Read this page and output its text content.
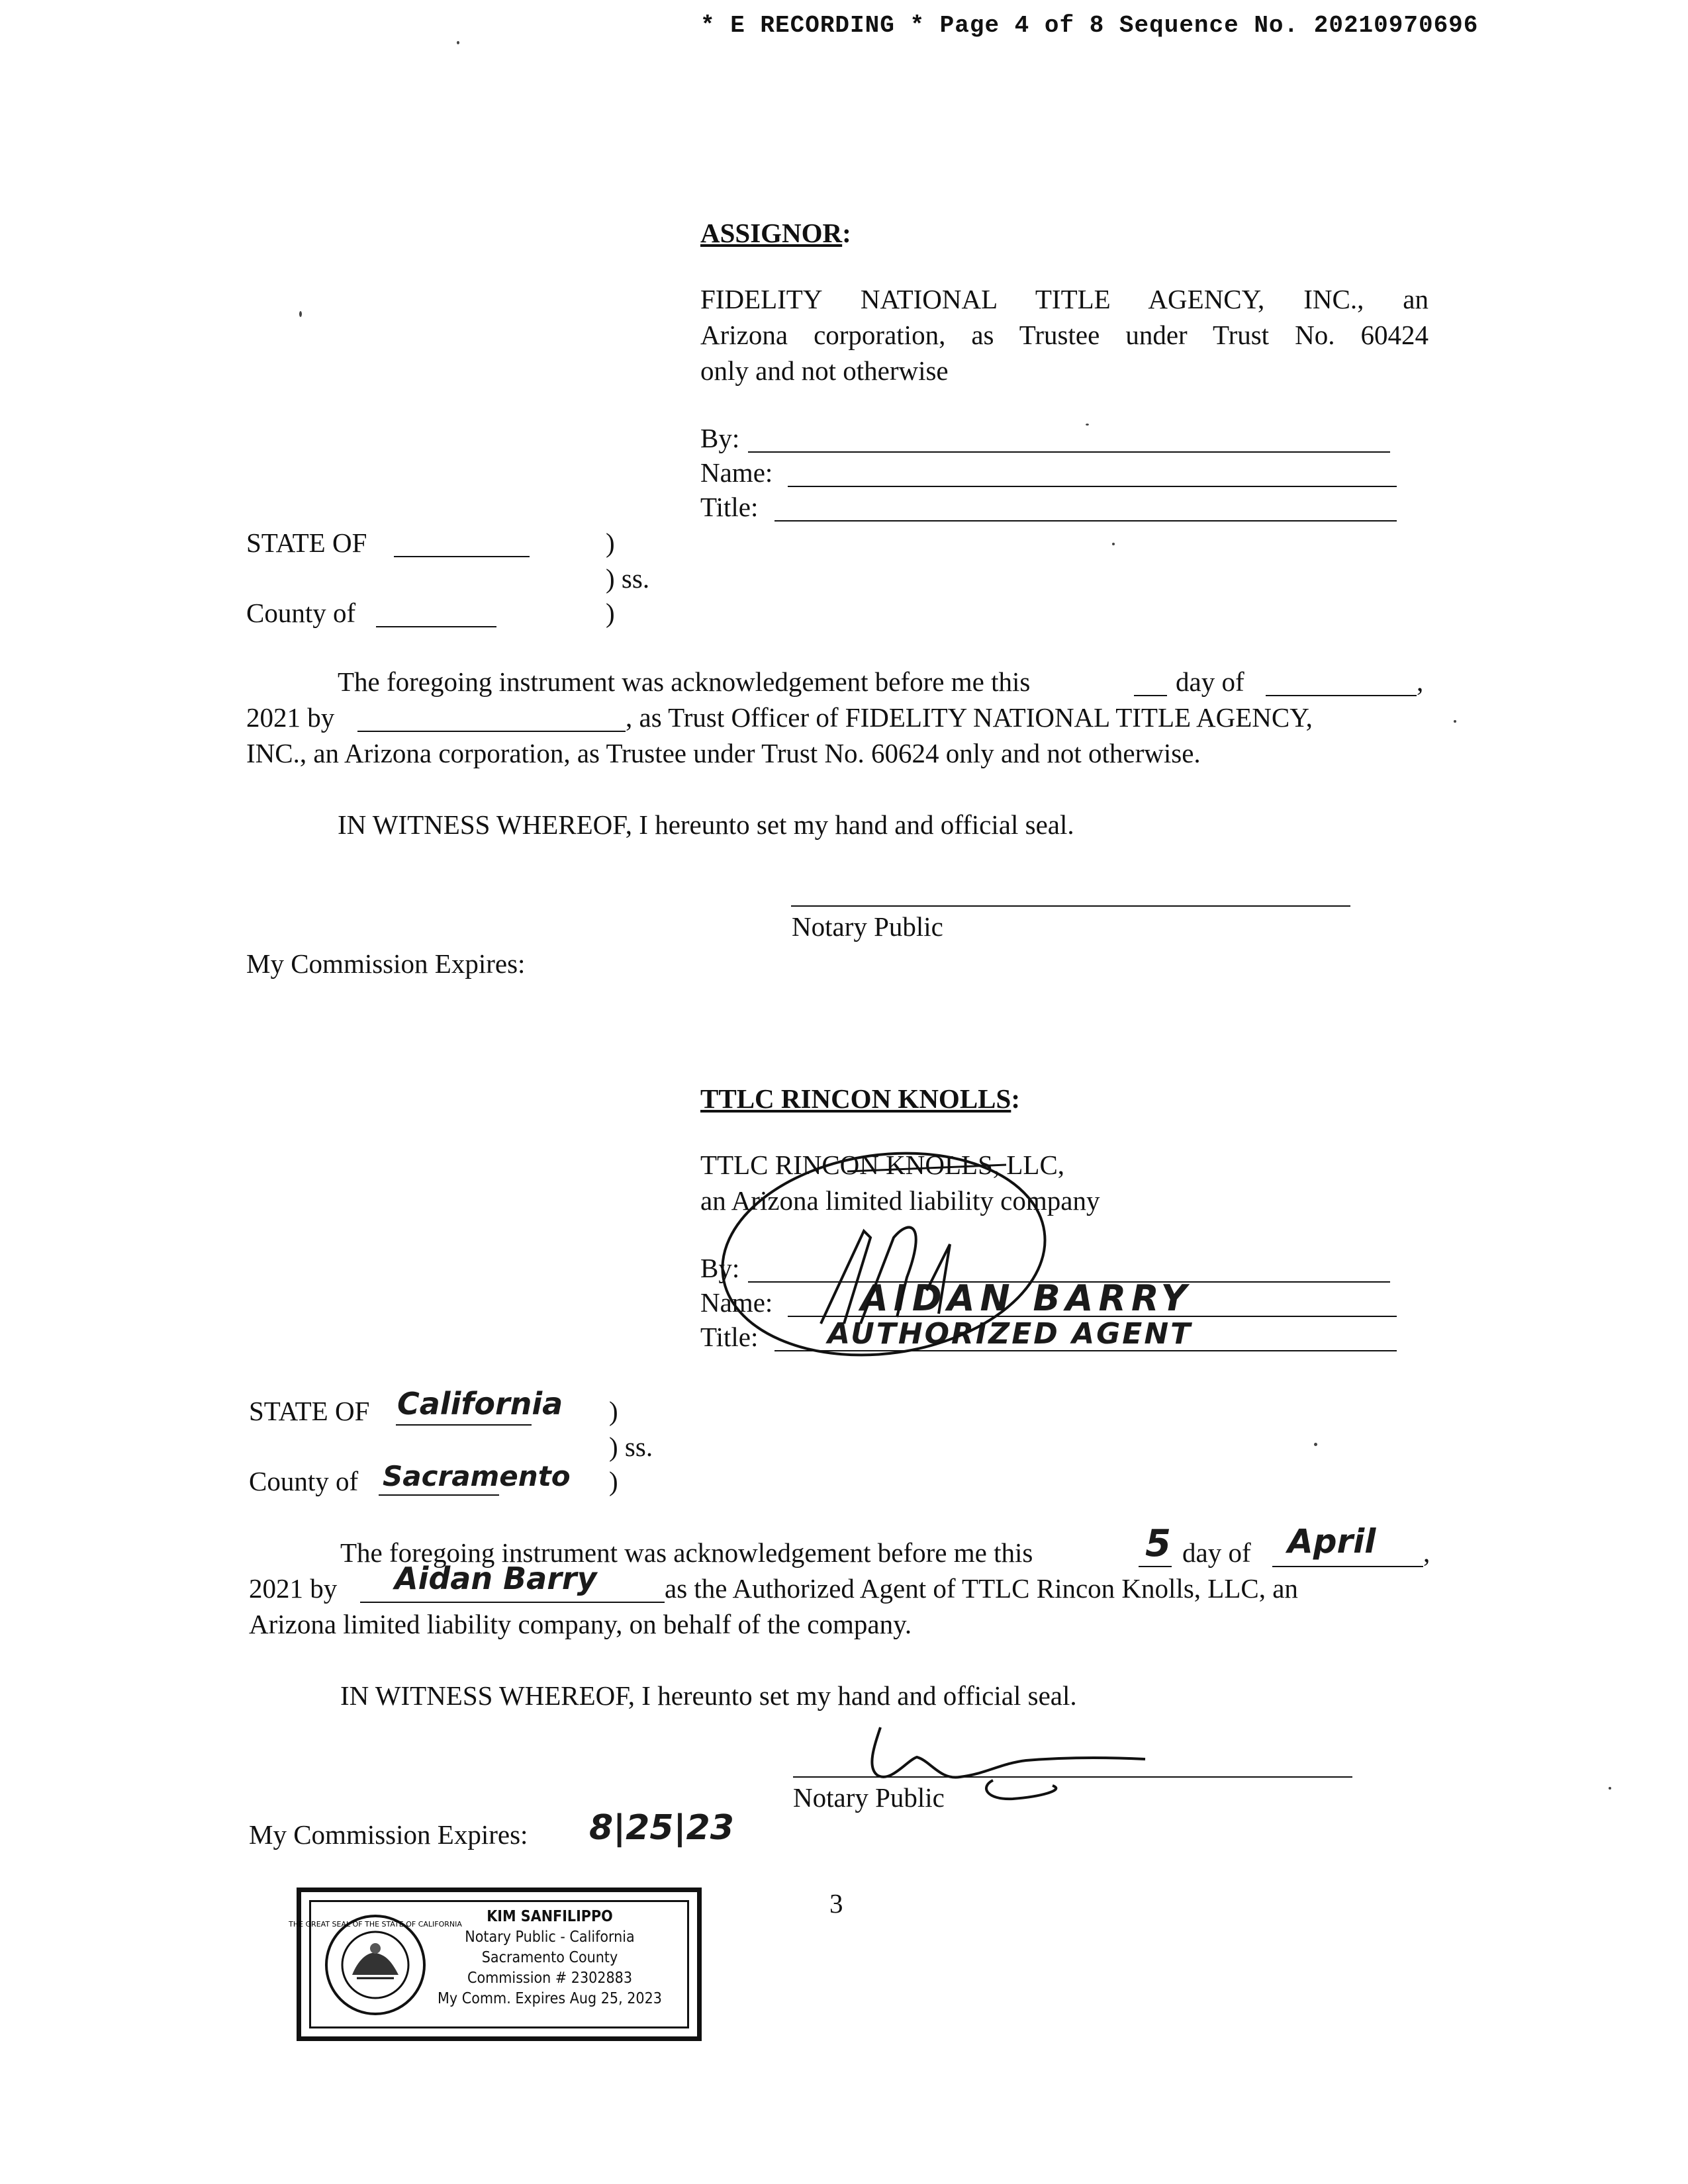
* E RECORDING * Page 4 of 8 Sequence No. 20210970696
ASSIGNOR:
FIDELITY NATIONAL TITLE AGENCY, INC., an
Arizona corporation, as Trustee under Trust No. 60424
only and not otherwise
By:
Name:
Title:
STATE OF	)
) ss.
County of	)
The foregoing instrument was acknowledgement before me this	day of	,
2021 by	, as Trust Officer of FIDELITY NATIONAL TITLE AGENCY,
INC., an Arizona corporation, as Trustee under Trust No. 60624 only and not otherwise.
IN WITNESS WHEREOF, I hereunto set my hand and official seal.
Notary Public
My Commission Expires:
TTLC RINCON KNOLLS:
TTLC RINCON KNOLLS, LLC,
an Arizona limited liability company
By:
Name:
Title:
AIDAN BARRY
AUTHORIZED AGENT
STATE OF California )
) ss.
County of Sacramento )
The foregoing instrument was acknowledgement before me this	5 day of April ,
2021 by Aidan Barry as the Authorized Agent of TTLC Rincon Knolls, LLC, an
Arizona limited liability company, on behalf of the company.
IN WITNESS WHEREOF, I hereunto set my hand and official seal.
Notary Public
My Commission Expires: 8|25|23
3
THE GREAT SEAL OF THE STATE OF CALIFORNIA	KIM SANFILIPPO
Notary Public - California
Sacramento County
Commission # 2302883
My Comm. Expires Aug 25, 2023
